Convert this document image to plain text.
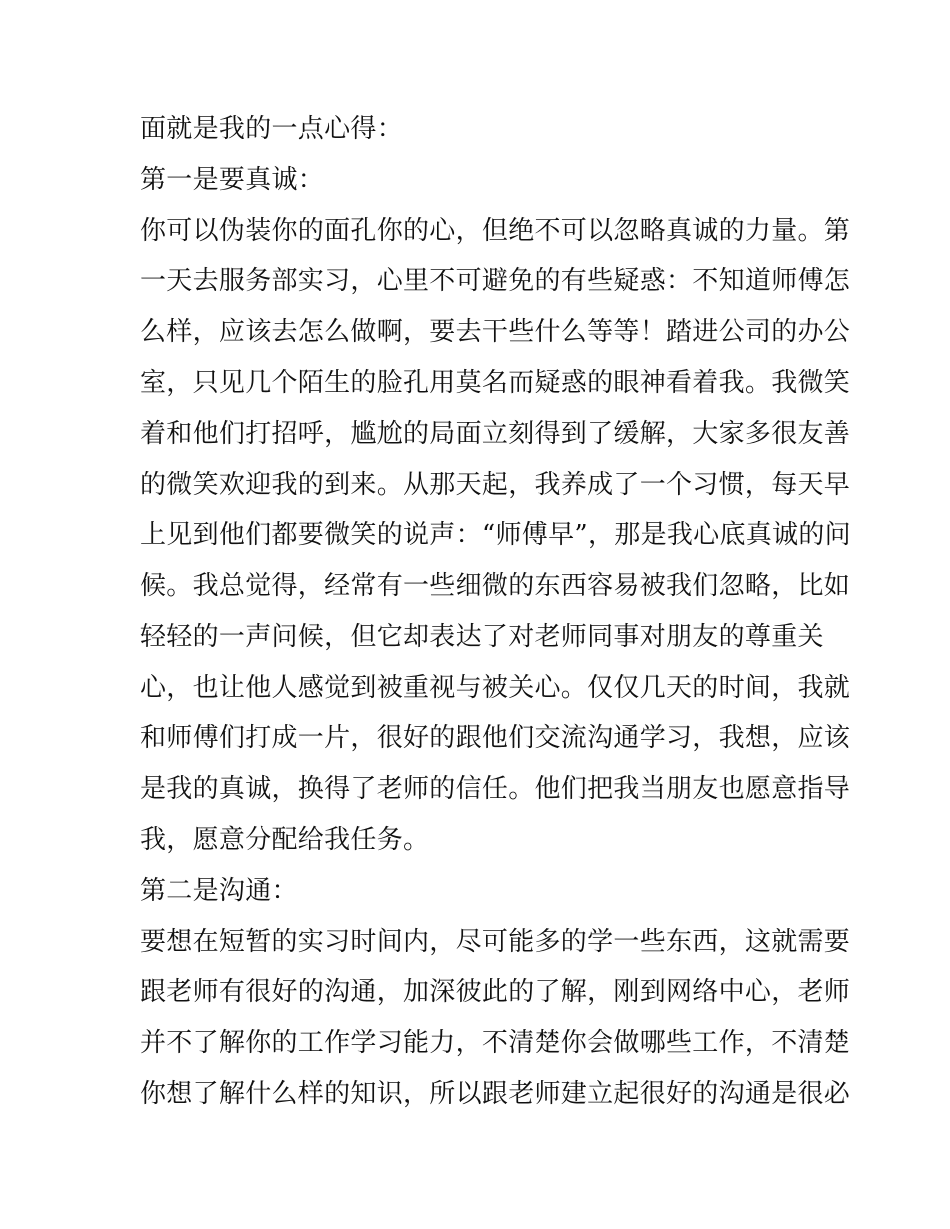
面就是我的一点心得：
第一是要真诚：
你可以伪装你的面孔你的心，但绝不可以忽略真诚的力量。第
一天去服务部实习，心里不可避免的有些疑惑：不知道师傅怎
么样，应该去怎么做啊，要去干些什么等等！踏进公司的办公
室，只见几个陌生的脸孔用莫名而疑惑的眼神看着我。我微笑
着和他们打招呼，尴尬的局面立刻得到了缓解，大家多很友善
的微笑欢迎我的到来。从那天起，我养成了一个习惯，每天早
上见到他们都要微笑的说声：“师傅早”，那是我心底真诚的问
候。我总觉得，经常有一些细微的东西容易被我们忽略，比如
轻轻的一声问候，但它却表达了对老师同事对朋友的尊重关
心，也让他人感觉到被重视与被关心。仅仅几天的时间，我就
和师傅们打成一片，很好的跟他们交流沟通学习，我想，应该
是我的真诚，换得了老师的信任。他们把我当朋友也愿意指导
我，愿意分配给我任务。
第二是沟通：
要想在短暂的实习时间内，尽可能多的学一些东西，这就需要
跟老师有很好的沟通，加深彼此的了解，刚到网络中心，老师
并不了解你的工作学习能力，不清楚你会做哪些工作，不清楚
你想了解什么样的知识，所以跟老师建立起很好的沟通是很必
